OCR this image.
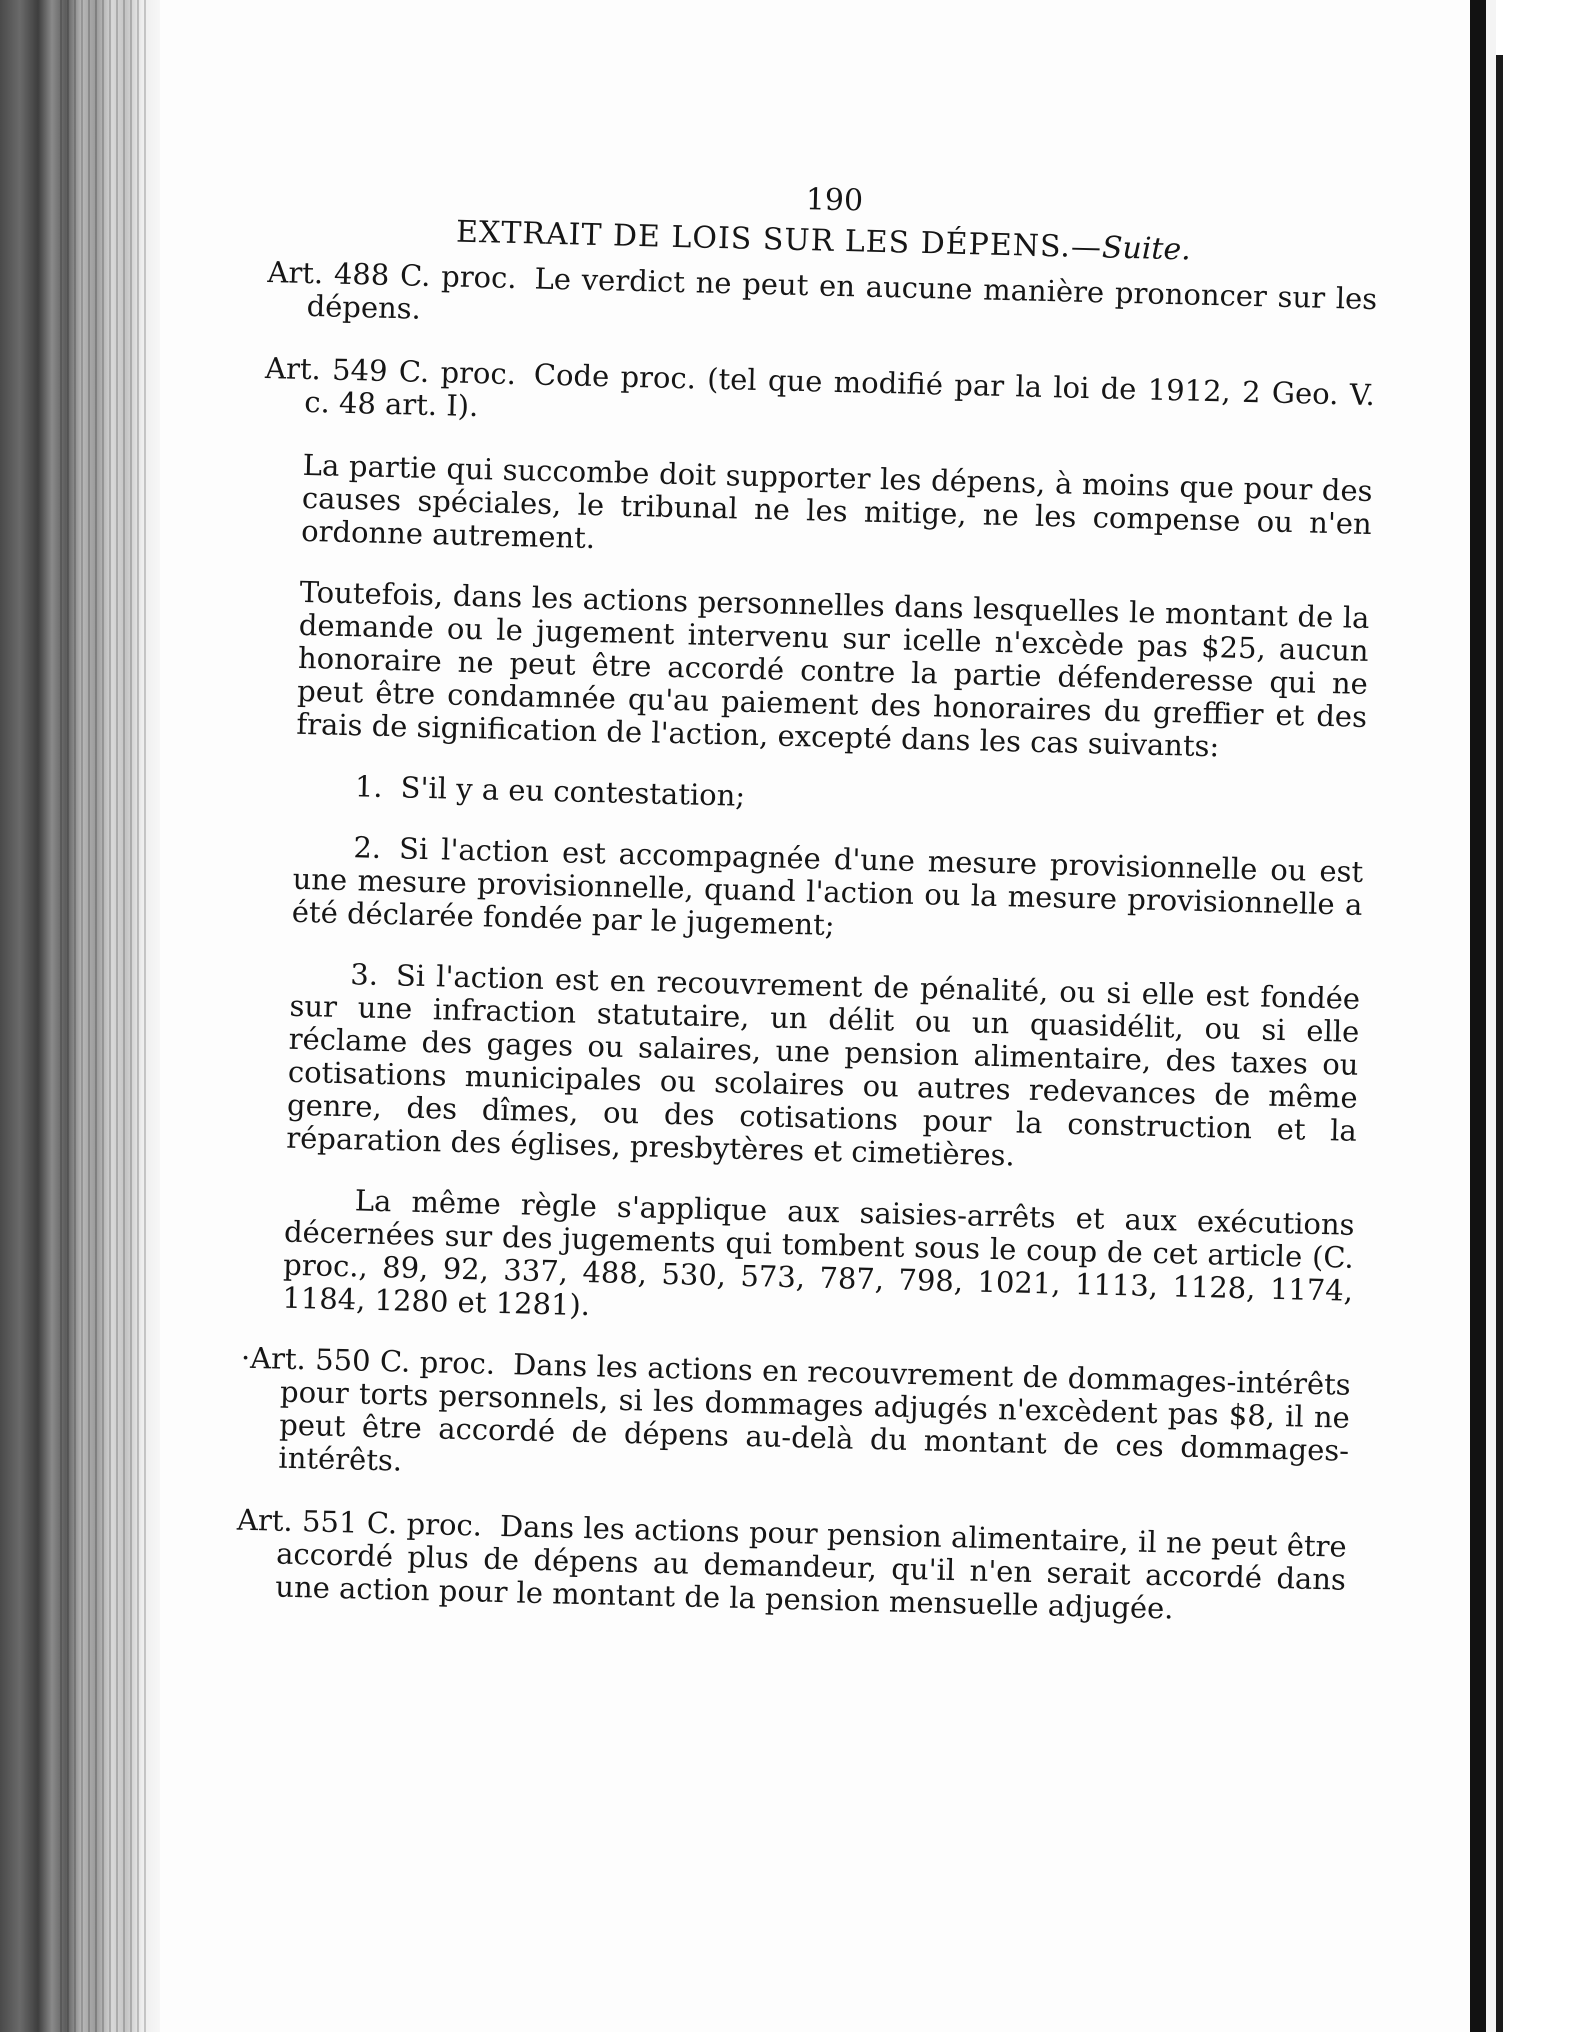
190
EXTRAIT DE LOIS SUR LES DÉPENS.—Suite.

Art. 488 C. proc. Le verdict ne peut en aucune manière prononcer sur les dépens.

Art. 549 C. proc. Code proc. (tel que modifié par la loi de 1912, 2 Geo. V. c. 48 art. I).

La partie qui succombe doit supporter les dépens, à moins que pour des causes spéciales, le tribunal ne les mitige, ne les compense ou n'en ordonne autrement.

Toutefois, dans les actions personnelles dans lesquelles le montant de la demande ou le jugement intervenu sur icelle n'excède pas $25, aucun honoraire ne peut être accordé contre la partie défenderesse qui ne peut être condamnée qu'au paiement des honoraires du greffier et des frais de signification de l'action, excepté dans les cas suivants:

1. S'il y a eu contestation;

2. Si l'action est accompagnée d'une mesure provisionnelle ou est une mesure provisionnelle, quand l'action ou la mesure provisionnelle a été déclarée fondée par le jugement;

3. Si l'action est en recouvrement de pénalité, ou si elle est fondée sur une infraction statutaire, un délit ou un quasidélit, ou si elle réclame des gages ou salaires, une pension alimentaire, des taxes ou cotisations municipales ou scolaires ou autres redevances de même genre, des dîmes, ou des cotisations pour la construction et la réparation des églises, presbytères et cimetières.

La même règle s'applique aux saisies-arrêts et aux exécutions décernées sur des jugements qui tombent sous le coup de cet article (C. proc., 89, 92, 337, 488, 530, 573, 787, 798, 1021, 1113, 1128, 1174, 1184, 1280 et 1281).

·Art. 550 C. proc. Dans les actions en recouvrement de dommages-intérêts pour torts personnels, si les dommages adjugés n'excèdent pas $8, il ne peut être accordé de dépens au-delà du montant de ces dommages-intérêts.

Art. 551 C. proc. Dans les actions pour pension alimentaire, il ne peut être accordé plus de dépens au demandeur, qu'il n'en serait accordé dans une action pour le montant de la pension mensuelle adjugée.
